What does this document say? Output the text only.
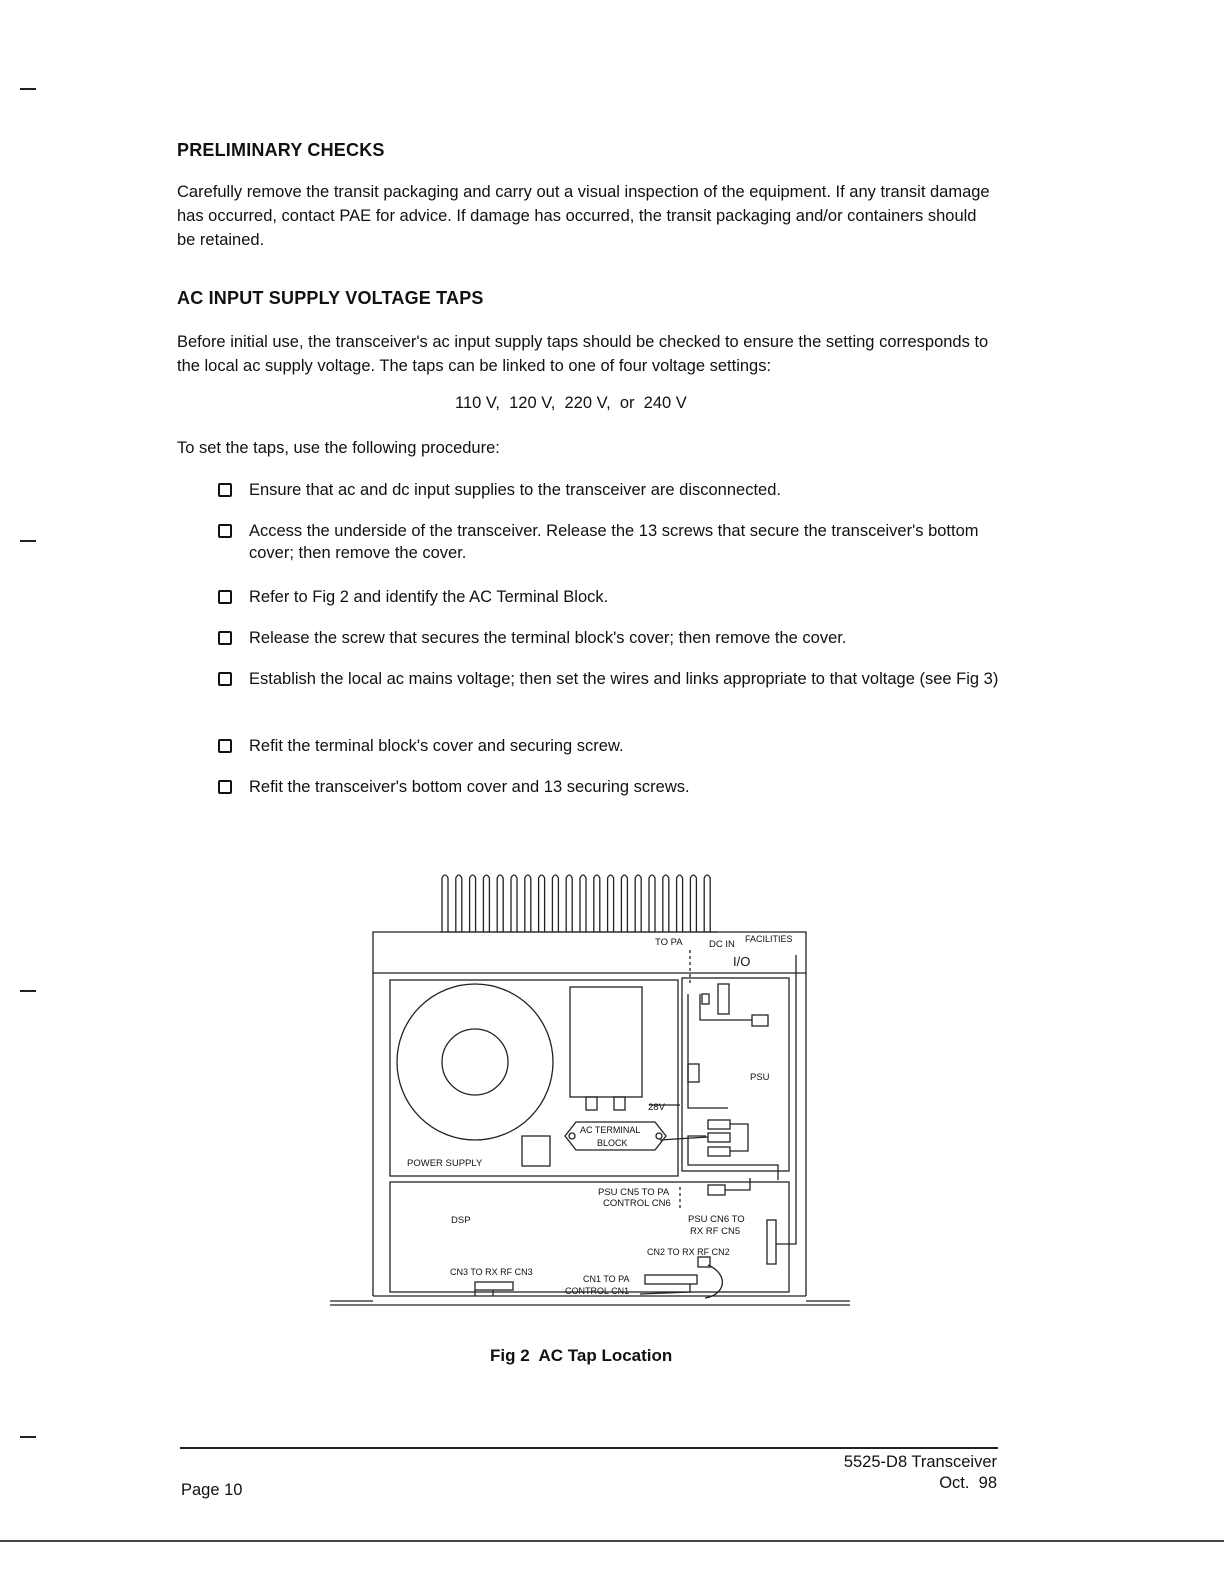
PRELIMINARY CHECKS
Carefully remove the transit packaging and carry out a visual inspection of the equipment. If any transit damage has occurred, contact PAE for advice. If damage has occurred, the transit packaging and/or containers should be retained.
AC INPUT SUPPLY VOLTAGE TAPS
Before initial use, the transceiver's ac input supply taps should be checked to ensure the setting corresponds to the local ac supply voltage. The taps can be linked to one of four voltage settings:
110 V,  120 V,  220 V,  or  240 V
To set the taps, use the following procedure:
Ensure that ac and dc input supplies to the transceiver are disconnected.
Access the underside of the transceiver. Release the 13 screws that secure the transceiver's bottom cover; then remove the cover.
Refer to Fig 2 and identify the AC Terminal Block.
Release the screw that secures the terminal block's cover; then remove the cover.
Establish the local ac mains voltage; then set the wires and links appropriate to that voltage (see Fig 3)
Refit the terminal block's cover and securing screw.
Refit the transceiver's bottom cover and 13 securing screws.
TO PA	DC IN FACILITIES
I/O
PSU
28V
AC TERMINAL
BLOCK
POWER SUPPLY
PSU CN5 TO PA
CONTROL CN6
DSP	PSU CN6 TO
RX RF CN5
CN2 TO RX RF CN2
CN3 TO RX RF CN3
CN1 TO PA
CONTROL CN1
Fig 2  AC Tap Location
5525-D8 Transceiver
Oct.  98
Page 10
